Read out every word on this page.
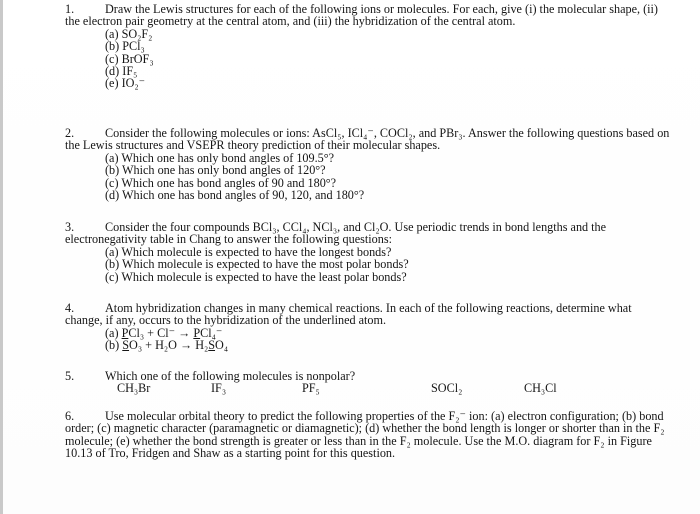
1.	Draw the Lewis structures for each of the following ions or molecules. For each, give (i) the molecular shape, (ii) the electron pair geometry at the central atom, and (iii) the hybridization of the central atom.

(a) SO₂F₂
(b) PCl₃
(c) BrOF₃
(d) IF₅
(e) IO₂⁻

2.	Consider the following molecules or ions: AsCl₅, ICl₄⁻, COCl₂, and PBr₃. Answer the following questions based on the Lewis structures and VSEPR theory prediction of their molecular shapes.

(a) Which one has only bond angles of 109.5°?
(b) Which one has only bond angles of 120°?
(c) Which one has bond angles of 90 and 180°?
(d) Which one has bond angles of 90, 120, and 180°?

3.	Consider the four compounds BCl₃, CCl₄, NCl₃, and Cl₂O. Use periodic trends in bond lengths and the electronegativity table in Chang to answer the following questions:

(a) Which molecule is expected to have the longest bonds?
(b) Which molecule is expected to have the most polar bonds?
(c) Which molecule is expected to have the least polar bonds?

4.	Atom hybridization changes in many chemical reactions. In each of the following reactions, determine what change, if any, occurs to the hybridization of the underlined atom.

(a) PCl₃ + Cl⁻ → PCl₄⁻
(b) SO₃ + H₂O → H₂SO₄

5.	Which one of the following molecules is nonpolar?

CH₃Br	IF₃	PF₅	SOCl₂	CH₃Cl

6.	Use molecular orbital theory to predict the following properties of the F₂⁻ ion: (a) electron configuration; (b) bond order; (c) magnetic character (paramagnetic or diamagnetic); (d) whether the bond length is longer or shorter than in the F₂ molecule; (e) whether the bond strength is greater or less than in the F₂ molecule. Use the M.O. diagram for F₂ in Figure 10.13 of Tro, Fridgen and Shaw as a starting point for this question.
